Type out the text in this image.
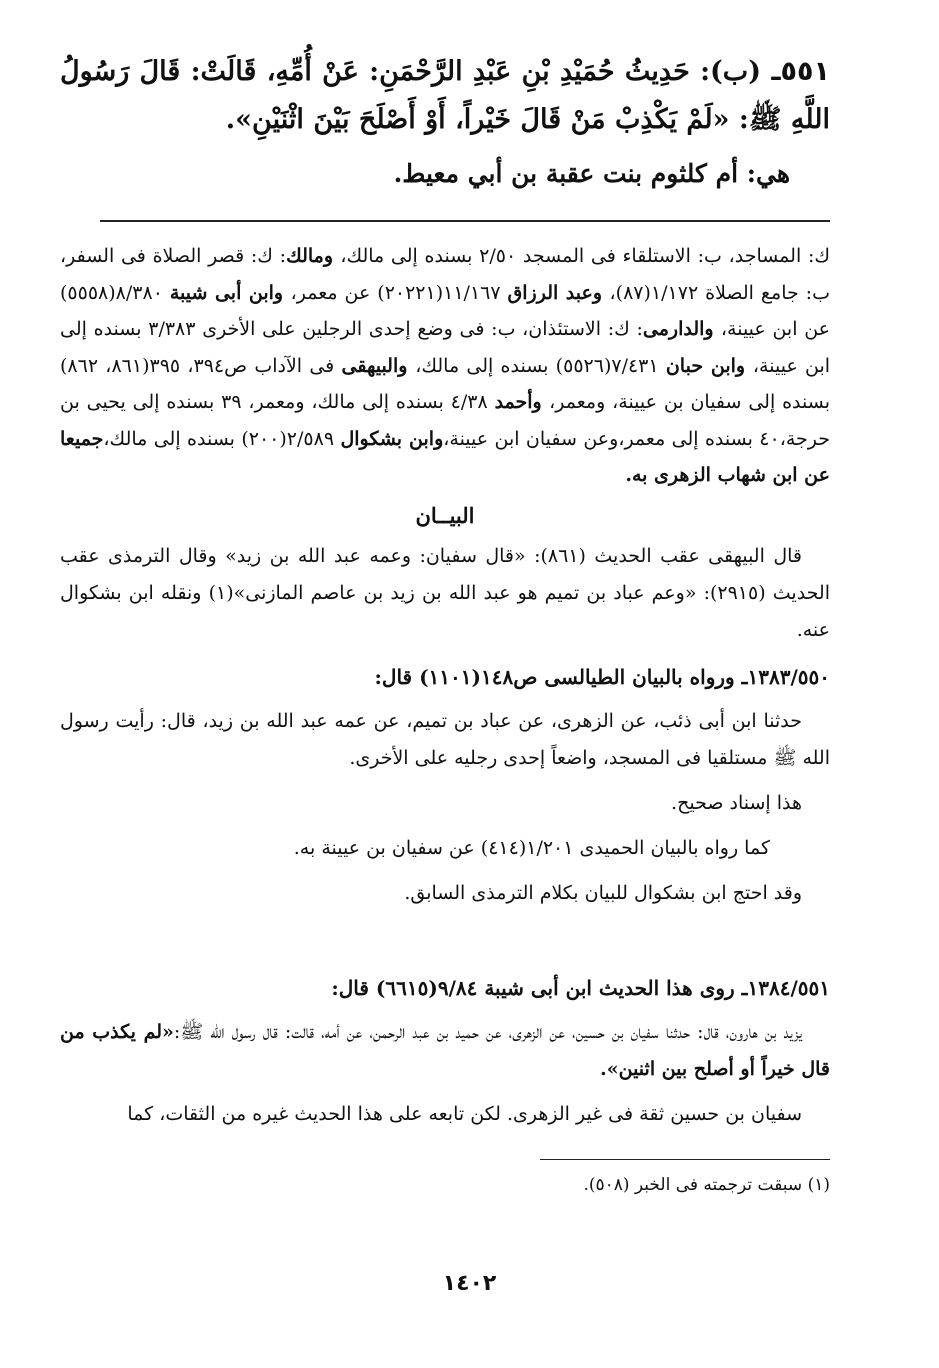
٥٥١ـ (ب): حَدِيثُ حُمَيْدِ بْنِ عَبْدِ الرَّحْمَنِ: عَنْ أُمِّهِ، قَالَتْ: قَالَ رَسُولُ اللَّهِ ﷺ: «لَمْ يَكْذِبْ مَنْ قَالَ خَيْراً، أَوْ أَصْلَحَ بَيْنَ اثْنَيْنِ».

هي: أم كلثوم بنت عقبة بن أبي معيط.

ك: المساجد، ب: الاستلقاء فى المسجد ٢/٥٠ بسنده إلى مالك، ومالك: ك: قصر الصلاة فى السفر، ب: جامع الصلاة ١/١٧٢(٨٧)، وعبد الرزاق ١١/١٦٧(٢٠٢٢١) عن معمر، وابن أبى شيبة ٨/٣٨٠(٥٥٥٨) عن ابن عيينة، والدارمى: ك: الاستئذان، ب: فى وضع إحدى الرجلين على الأخرى ٣/٣٨٣ بسنده إلى ابن عيينة، وابن حبان ٧/٤٣١(٥٥٢٦) بسنده إلى مالك، والبيهقى فى الآداب ص٣٩٤، ٣٩٥(٨٦١، ٨٦٢) بسنده إلى سفيان بن عيينة، ومعمر، وأحمد ٤/٣٨ بسنده إلى مالك، ومعمر، ٣٩ بسنده إلى يحيى بن حرجة،٤٠ بسنده إلى معمر،وعن سفيان ابن عيينة،وابن بشكوال ٢/٥٨٩(٢٠٠) بسنده إلى مالك،جميعا عن ابن شهاب الزهرى به.

البيــان

قال البيهقى عقب الحديث (٨٦١): «قال سفيان: وعمه عبد الله بن زيد» وقال الترمذى عقب الحديث (٢٩١٥): «وعم عباد بن تميم هو عبد الله بن زيد بن عاصم المازنى»(١) ونقله ابن بشكوال عنه.

١٣٨٣/٥٥٠ـ ورواه بالبيان الطيالسى ص١٤٨(١١٠١) قال:

حدثنا ابن أبى ذئب، عن الزهرى، عن عباد بن تميم، عن عمه عبد الله بن زيد، قال: رأيت رسول الله ﷺ مستلقيا فى المسجد، واضعاً إحدى رجليه على الأخرى.

هذا إسناد صحيح.

كما رواه بالبيان الحميدى ١/٢٠١(٤١٤) عن سفيان بن عيينة به.

وقد احتج ابن بشكوال للبيان بكلام الترمذى السابق.

١٣٨٤/٥٥١ـ روى هذا الحديث ابن أبى شيبة ٩/٨٤(٦٦١٥) قال:

يزيد بن هارون، قال: حدثنا سفيان بن حسين، عن الزهرى، عن حميد بن عبد الرحمن، عن أمه، قالت: قال رسول الله ﷺ:«لم يكذب من قال خيراً أو أصلح بين اثنين».

سفيان بن حسين ثقة فى غير الزهرى. لكن تابعه على هذا الحديث غيره من الثقات، كما

(١) سبقت ترجمته فى الخبر (٥٠٨).

١٤٠٢
